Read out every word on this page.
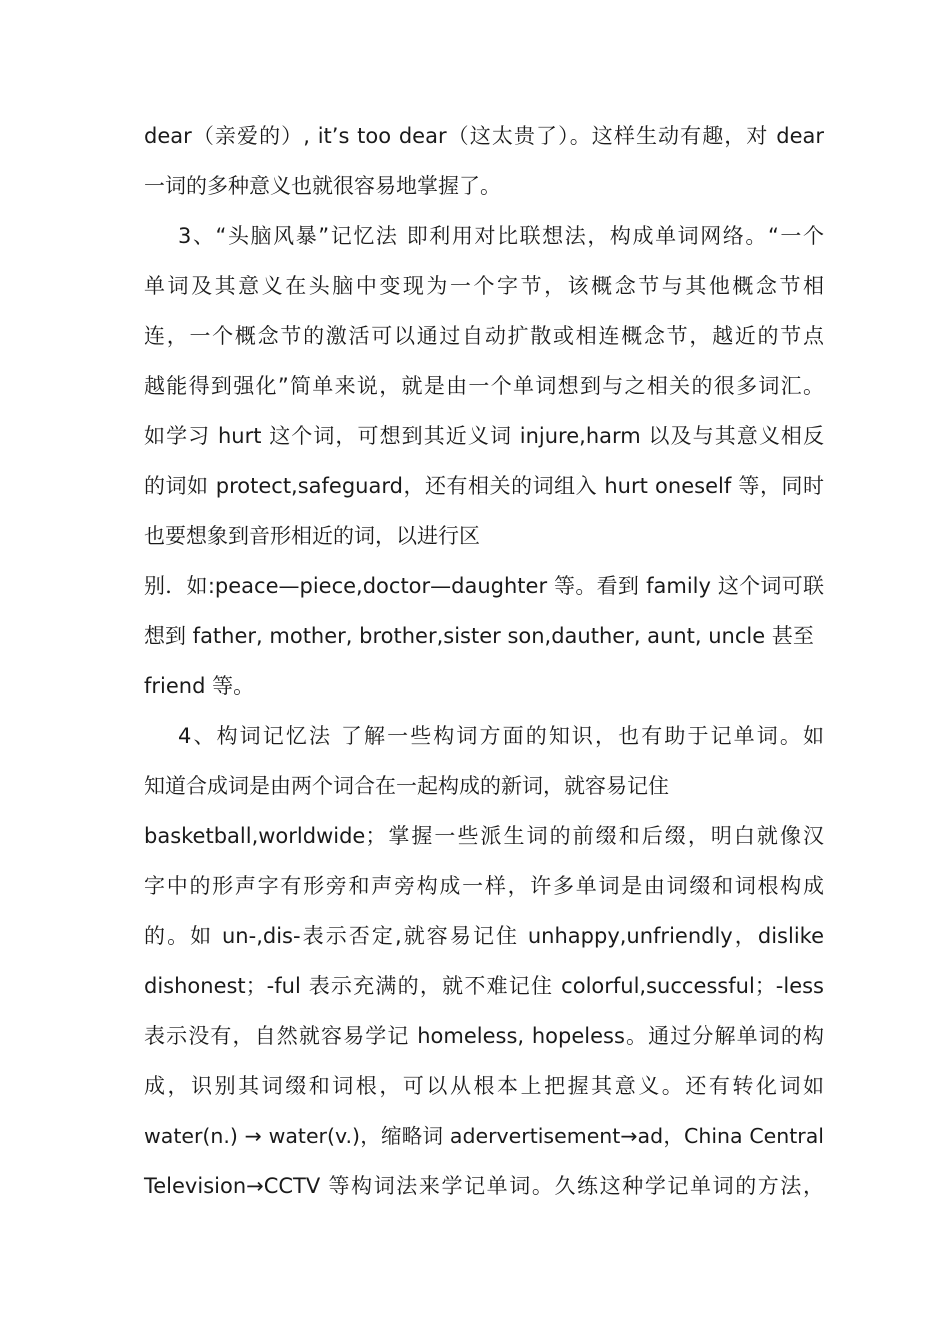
dear（亲爱的）, it’s too dear（这太贵了）。这样生动有趣，对 dear
一词的多种意义也就很容易地掌握了。
3、“头脑风暴”记忆法 即利用对比联想法，构成单词网络。“一个
单词及其意义在头脑中变现为一个字节，该概念节与其他概念节相
连，一个概念节的激活可以通过自动扩散或相连概念节，越近的节点
越能得到强化”简单来说，就是由一个单词想到与之相关的很多词汇。
如学习 hurt 这个词，可想到其近义词 injure,harm 以及与其意义相反
的词如 protect,safeguard，还有相关的词组入 hurt oneself 等，同时
也要想象到音形相近的词，以进行区
别．如:peace—piece,doctor—daughter 等。看到 family 这个词可联
想到 father, mother, brother,sister son,dauther, aunt, uncle 甚至
friend 等。
4、构词记忆法 了解一些构词方面的知识，也有助于记单词。如
知道合成词是由两个词合在一起构成的新词，就容易记住
basketball,worldwide；掌握一些派生词的前缀和后缀，明白就像汉
字中的形声字有形旁和声旁构成一样，许多单词是由词缀和词根构成
的。如 un-,dis-表示否定,就容易记住 unhappy,unfriendly，dislike
dishonest；-ful 表示充满的，就不难记住 colorful,successful；-less
表示没有，自然就容易学记 homeless, hopeless。通过分解单词的构
成，识别其词缀和词根，可以从根本上把握其意义。还有转化词如
water(n.) → water(v.)，缩略词 adervertisement→ad，China Central
Television→CCTV 等构词法来学记单词。久练这种学记单词的方法，
